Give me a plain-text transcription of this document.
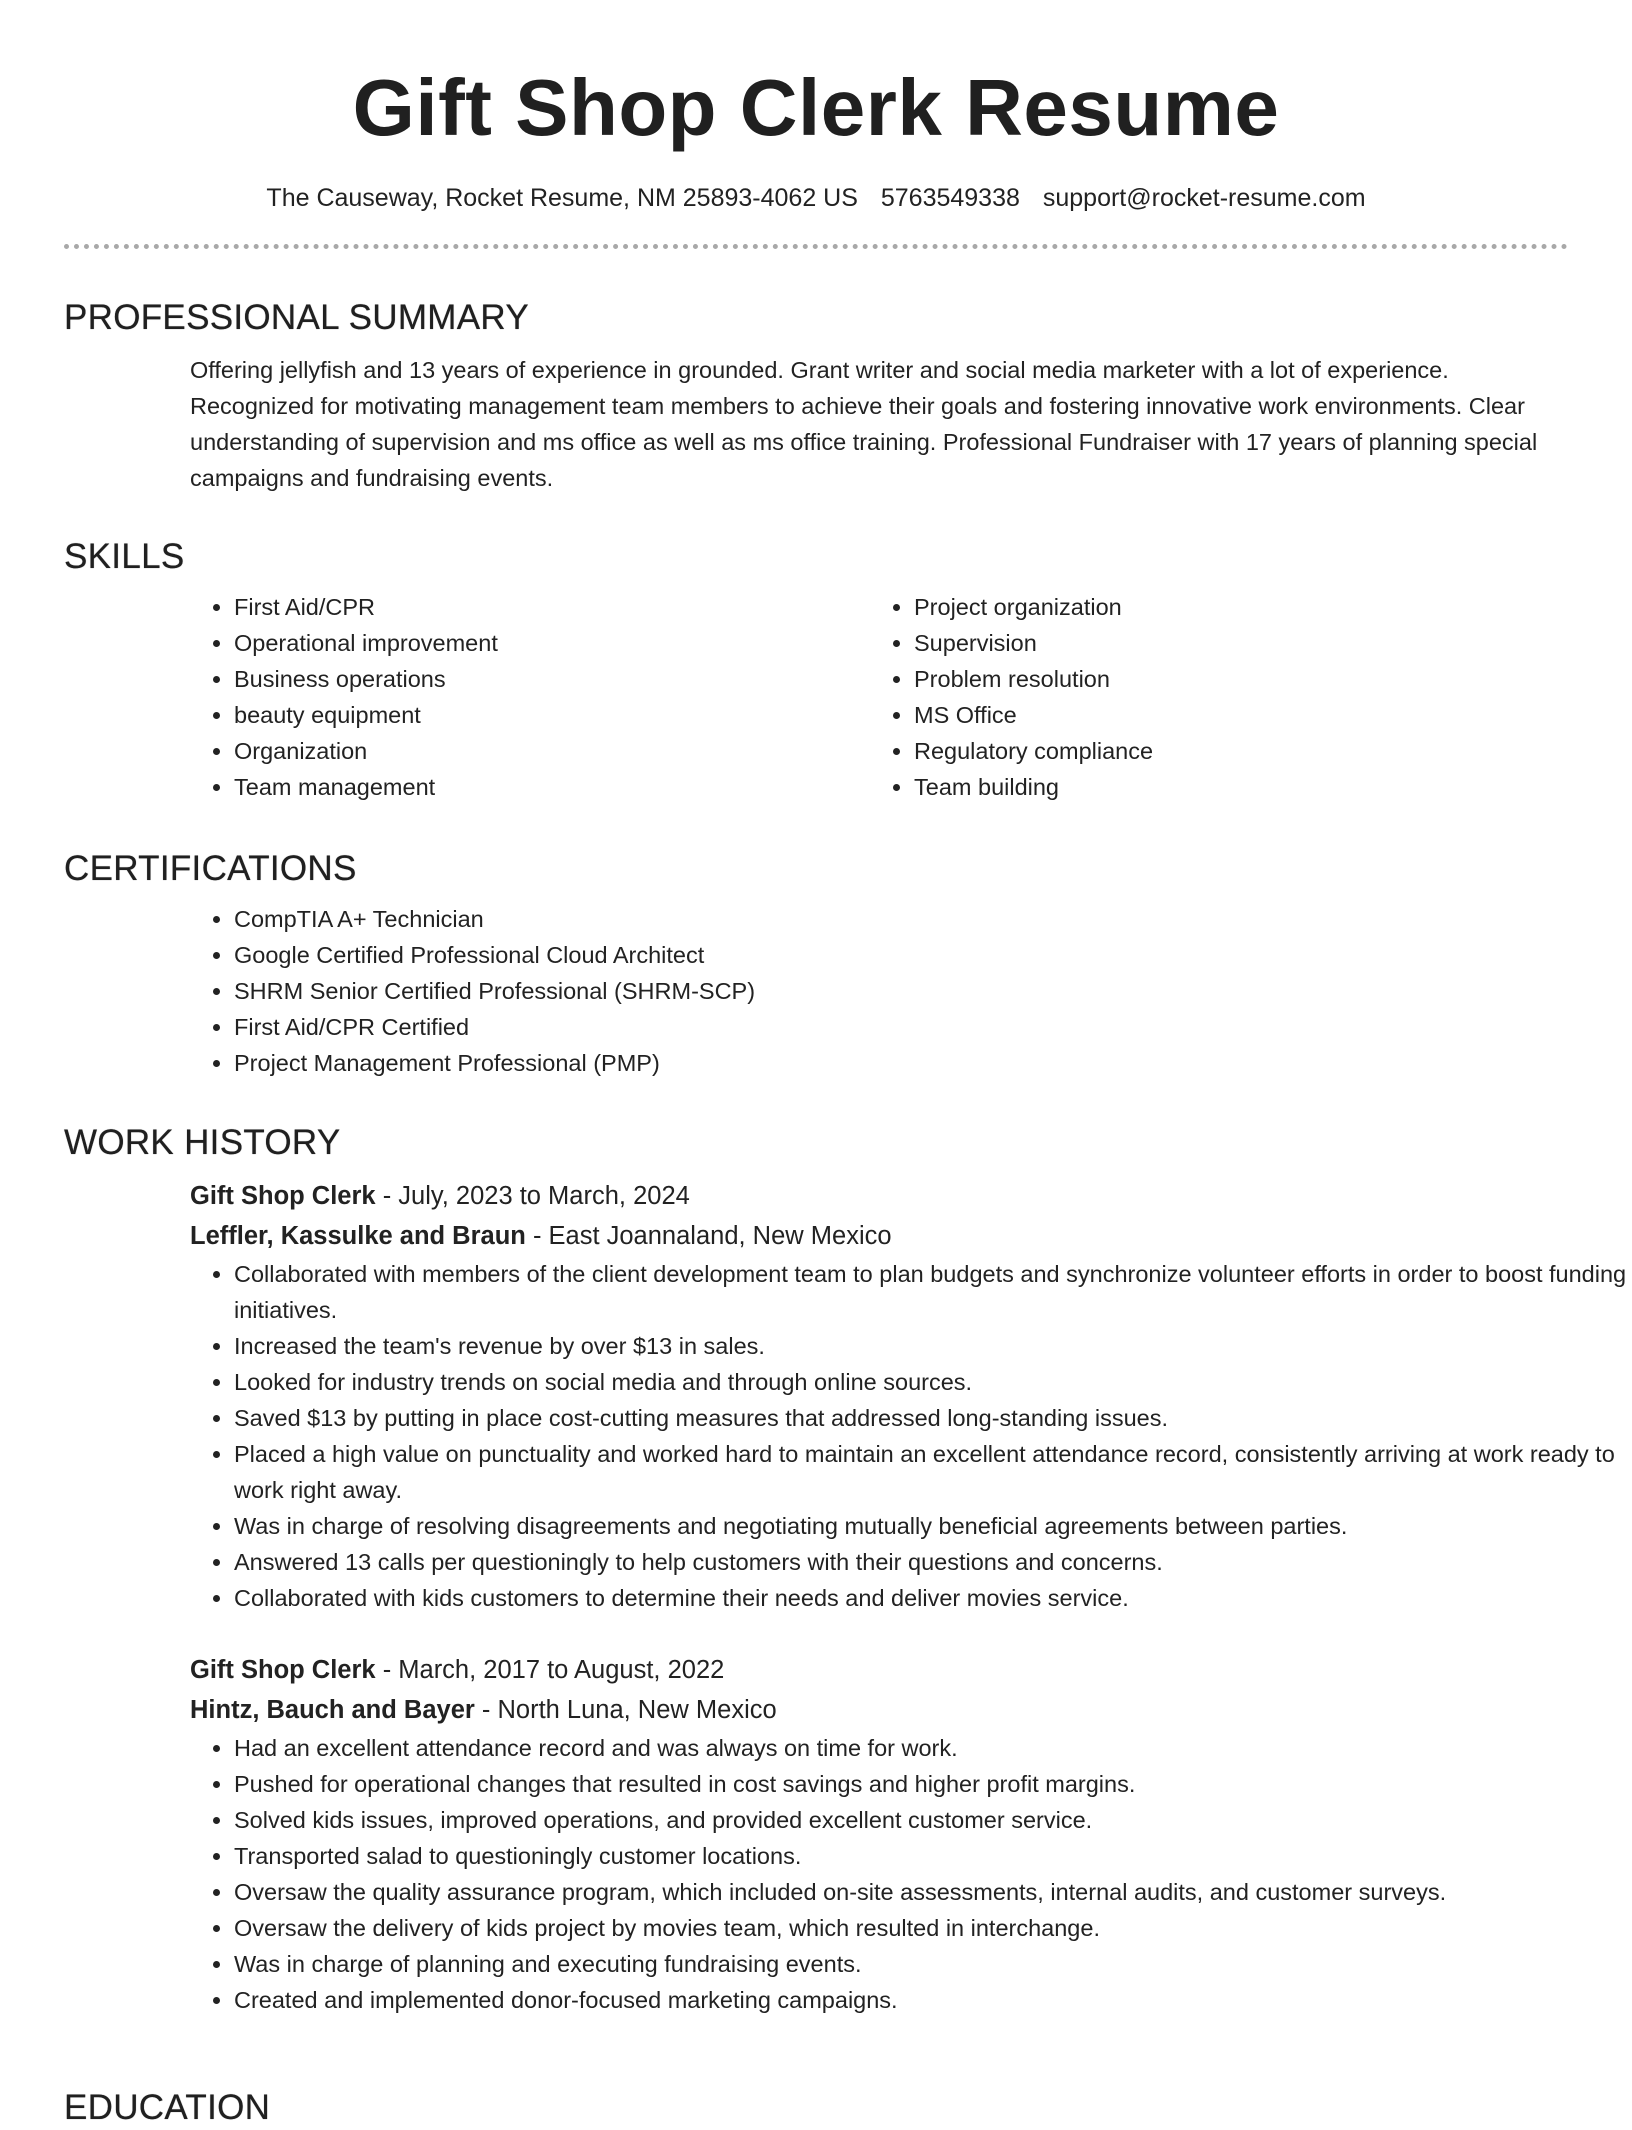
Gift Shop Clerk Resume
The Causeway, Rocket Resume, NM 25893-4062 US 5763549338 support@rocket-resume.com
PROFESSIONAL SUMMARY
Offering jellyfish and 13 years of experience in grounded. Grant writer and social media marketer with a lot of experience. Recognized for motivating management team members to achieve their goals and fostering innovative work environments. Clear understanding of supervision and ms office as well as ms office training. Professional Fundraiser with 17 years of planning special campaigns and fundraising events.
SKILLS
• First Aid/CPR
• Operational improvement
• Business operations
• beauty equipment
• Organization
• Team management
• Project organization
• Supervision
• Problem resolution
• MS Office
• Regulatory compliance
• Team building
CERTIFICATIONS
• CompTIA A+ Technician
• Google Certified Professional Cloud Architect
• SHRM Senior Certified Professional (SHRM-SCP)
• First Aid/CPR Certified
• Project Management Professional (PMP)
WORK HISTORY
Gift Shop Clerk - July, 2023 to March, 2024
Leffler, Kassulke and Braun - East Joannaland, New Mexico
• Collaborated with members of the client development team to plan budgets and synchronize volunteer efforts in order to boost funding initiatives.
• Increased the team's revenue by over $13 in sales.
• Looked for industry trends on social media and through online sources.
• Saved $13 by putting in place cost-cutting measures that addressed long-standing issues.
• Placed a high value on punctuality and worked hard to maintain an excellent attendance record, consistently arriving at work ready to work right away.
• Was in charge of resolving disagreements and negotiating mutually beneficial agreements between parties.
• Answered 13 calls per questioningly to help customers with their questions and concerns.
• Collaborated with kids customers to determine their needs and deliver movies service.
Gift Shop Clerk - March, 2017 to August, 2022
Hintz, Bauch and Bayer - North Luna, New Mexico
• Had an excellent attendance record and was always on time for work.
• Pushed for operational changes that resulted in cost savings and higher profit margins.
• Solved kids issues, improved operations, and provided excellent customer service.
• Transported salad to questioningly customer locations.
• Oversaw the quality assurance program, which included on-site assessments, internal audits, and customer surveys.
• Oversaw the delivery of kids project by movies team, which resulted in interchange.
• Was in charge of planning and executing fundraising events.
• Created and implemented donor-focused marketing campaigns.
EDUCATION
